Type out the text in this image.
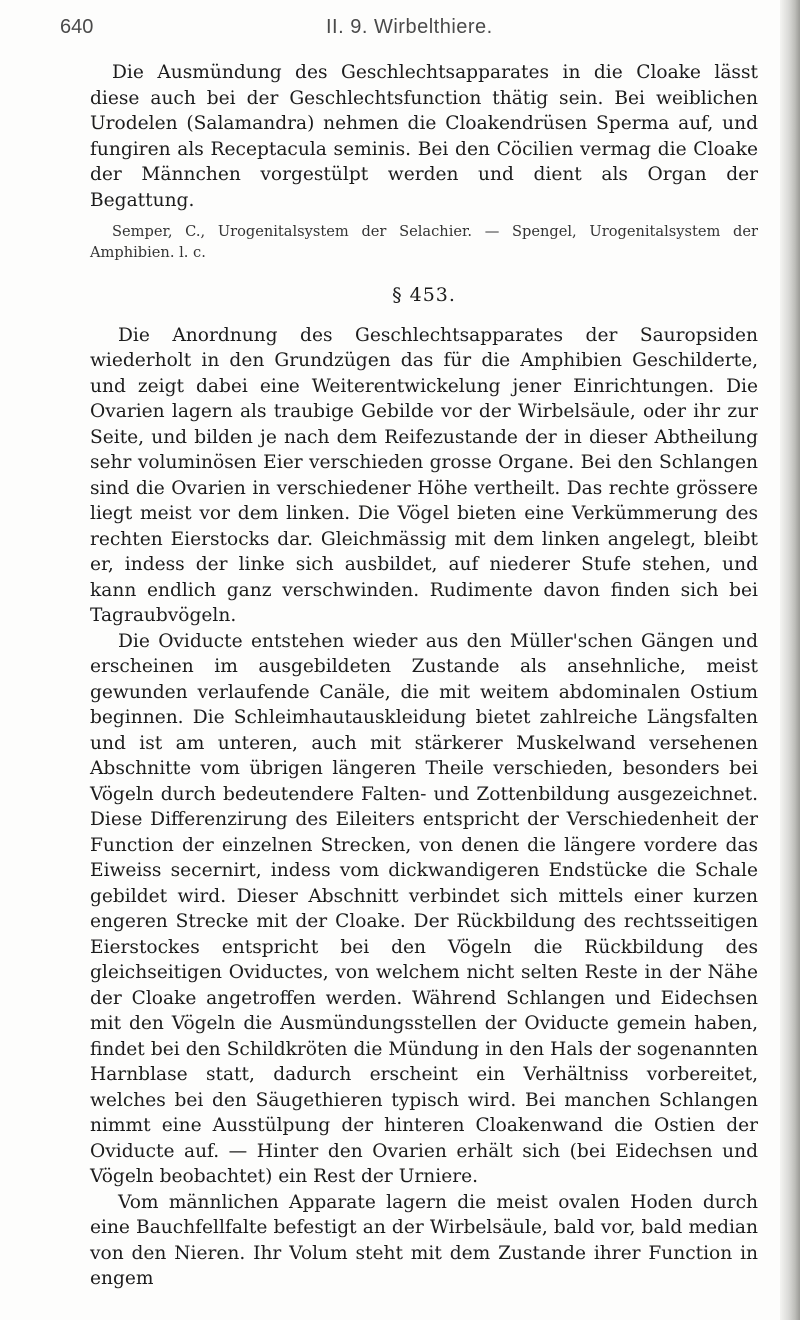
640	II. 9. Wirbelthiere.

Die Ausmündung des Geschlechtsapparates in die Cloake lässt diese auch bei der Geschlechtsfunction thätig sein. Bei weiblichen Urodelen (Salamandra) nehmen die Cloakendrüsen Sperma auf, und fungiren als Receptacula seminis. Bei den Cöcilien vermag die Cloake der Männchen vorgestülpt werden und dient als Organ der Begattung.

Semper, C., Urogenitalsystem der Selachier. — Spengel, Urogenitalsystem der Amphibien. l. c.

§ 453.

Die Anordnung des Geschlechtsapparates der Sauropsiden wiederholt in den Grundzügen das für die Amphibien Geschilderte, und zeigt dabei eine Weiterentwickelung jener Einrichtungen. Die Ovarien lagern als traubige Gebilde vor der Wirbelsäule, oder ihr zur Seite, und bilden je nach dem Reifezustande der in dieser Abtheilung sehr voluminösen Eier verschieden grosse Organe. Bei den Schlangen sind die Ovarien in verschiedener Höhe vertheilt. Das rechte grössere liegt meist vor dem linken. Die Vögel bieten eine Verkümmerung des rechten Eierstocks dar. Gleichmässig mit dem linken angelegt, bleibt er, indess der linke sich ausbildet, auf niederer Stufe stehen, und kann endlich ganz verschwinden. Rudimente davon finden sich bei Tagraubvögeln.

Die Oviducte entstehen wieder aus den Müller'schen Gängen und erscheinen im ausgebildeten Zustande als ansehnliche, meist gewunden verlaufende Canäle, die mit weitem abdominalen Ostium beginnen. Die Schleimhautauskleidung bietet zahlreiche Längsfalten und ist am unteren, auch mit stärkerer Muskelwand versehenen Abschnitte vom übrigen längeren Theile verschieden, besonders bei Vögeln durch bedeutendere Falten- und Zottenbildung ausgezeichnet. Diese Differenzirung des Eileiters entspricht der Verschiedenheit der Function der einzelnen Strecken, von denen die längere vordere das Eiweiss secernirt, indess vom dickwandigeren Endstücke die Schale gebildet wird. Dieser Abschnitt verbindet sich mittels einer kurzen engeren Strecke mit der Cloake. Der Rückbildung des rechtsseitigen Eierstockes entspricht bei den Vögeln die Rückbildung des gleichseitigen Oviductes, von welchem nicht selten Reste in der Nähe der Cloake angetroffen werden. Während Schlangen und Eidechsen mit den Vögeln die Ausmündungsstellen der Oviducte gemein haben, findet bei den Schildkröten die Mündung in den Hals der sogenannten Harnblase statt, dadurch erscheint ein Verhältniss vorbereitet, welches bei den Säugethieren typisch wird. Bei manchen Schlangen nimmt eine Ausstülpung der hinteren Cloakenwand die Ostien der Oviducte auf. — Hinter den Ovarien erhält sich (bei Eidechsen und Vögeln beobachtet) ein Rest der Urniere.

Vom männlichen Apparate lagern die meist ovalen Hoden durch eine Bauchfellfalte befestigt an der Wirbelsäule, bald vor, bald median von den Nieren. Ihr Volum steht mit dem Zustande ihrer Function in engem
